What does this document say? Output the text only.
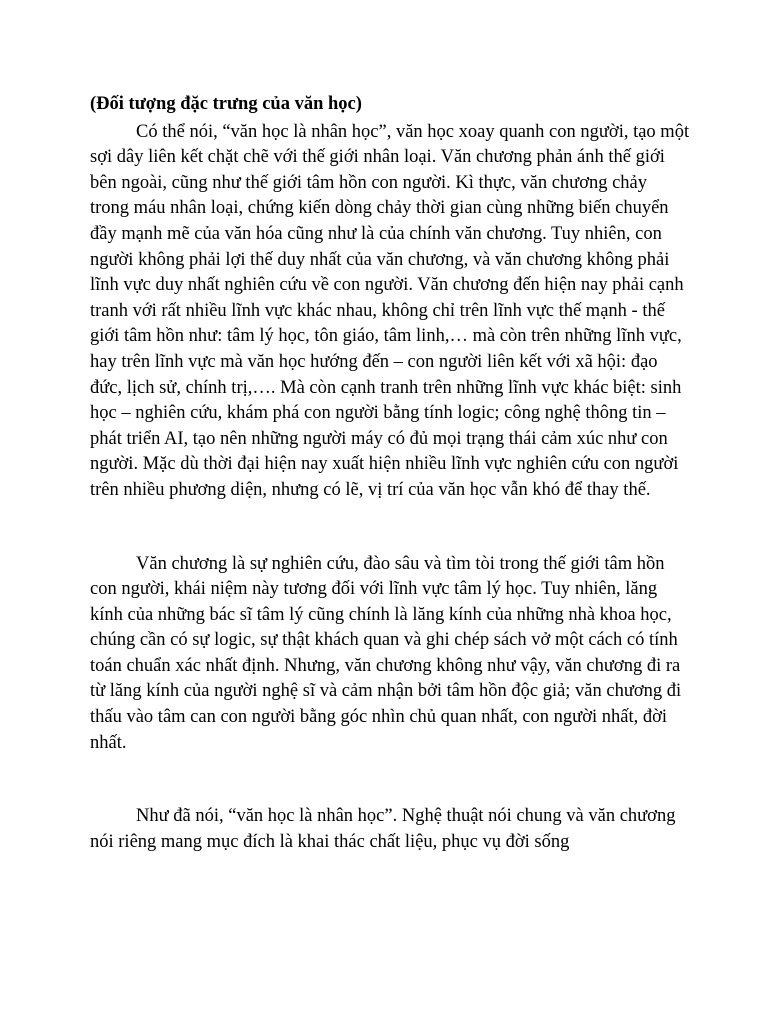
(Đối tượng đặc trưng của văn học)

Có thể nói, “văn học là nhân học”, văn học xoay quanh con người, tạo một sợi dây liên kết chặt chẽ với thế giới nhân loại. Văn chương phản ánh thế giới bên ngoài, cũng như thế giới tâm hồn con người. Kì thực, văn chương chảy trong máu nhân loại, chứng kiến dòng chảy thời gian cùng những biến chuyển đầy mạnh mẽ của văn hóa cũng như là của chính văn chương. Tuy nhiên, con người không phải lợi thế duy nhất của văn chương, và văn chương không phải lĩnh vực duy nhất nghiên cứu về con người. Văn chương đến hiện nay phải cạnh tranh với rất nhiều lĩnh vực khác nhau, không chỉ trên lĩnh vực thế mạnh - thế giới tâm hồn như: tâm lý học, tôn giáo, tâm linh,… mà còn trên những lĩnh vực, hay trên lĩnh vực mà văn học hướng đến – con người liên kết với xã hội: đạo đức, lịch sử, chính trị,…. Mà còn cạnh tranh trên những lĩnh vực khác biệt: sinh học – nghiên cứu, khám phá con người bằng tính logic; công nghệ thông tin – phát triển AI, tạo nên những người máy có đủ mọi trạng thái cảm xúc như con người. Mặc dù thời đại hiện nay xuất hiện nhiều lĩnh vực nghiên cứu con người trên nhiều phương diện, nhưng có lẽ, vị trí của văn học vẫn khó để thay thế.

Văn chương là sự nghiên cứu, đào sâu và tìm tòi trong thế giới tâm hồn con người, khái niệm này tương đối với lĩnh vực tâm lý học. Tuy nhiên, lăng kính của những bác sĩ tâm lý cũng chính là lăng kính của những nhà khoa học, chúng cần có sự logic, sự thật khách quan và ghi chép sách vở một cách có tính toán chuẩn xác nhất định. Nhưng, văn chương không như vậy, văn chương đi ra từ lăng kính của người nghệ sĩ và cảm nhận bởi tâm hồn độc giả; văn chương đi thấu vào tâm can con người bằng góc nhìn chủ quan nhất, con người nhất, đời nhất.

Như đã nói, “văn học là nhân học”. Nghệ thuật nói chung và văn chương nói riêng mang mục đích là khai thác chất liệu, phục vụ đời sống
